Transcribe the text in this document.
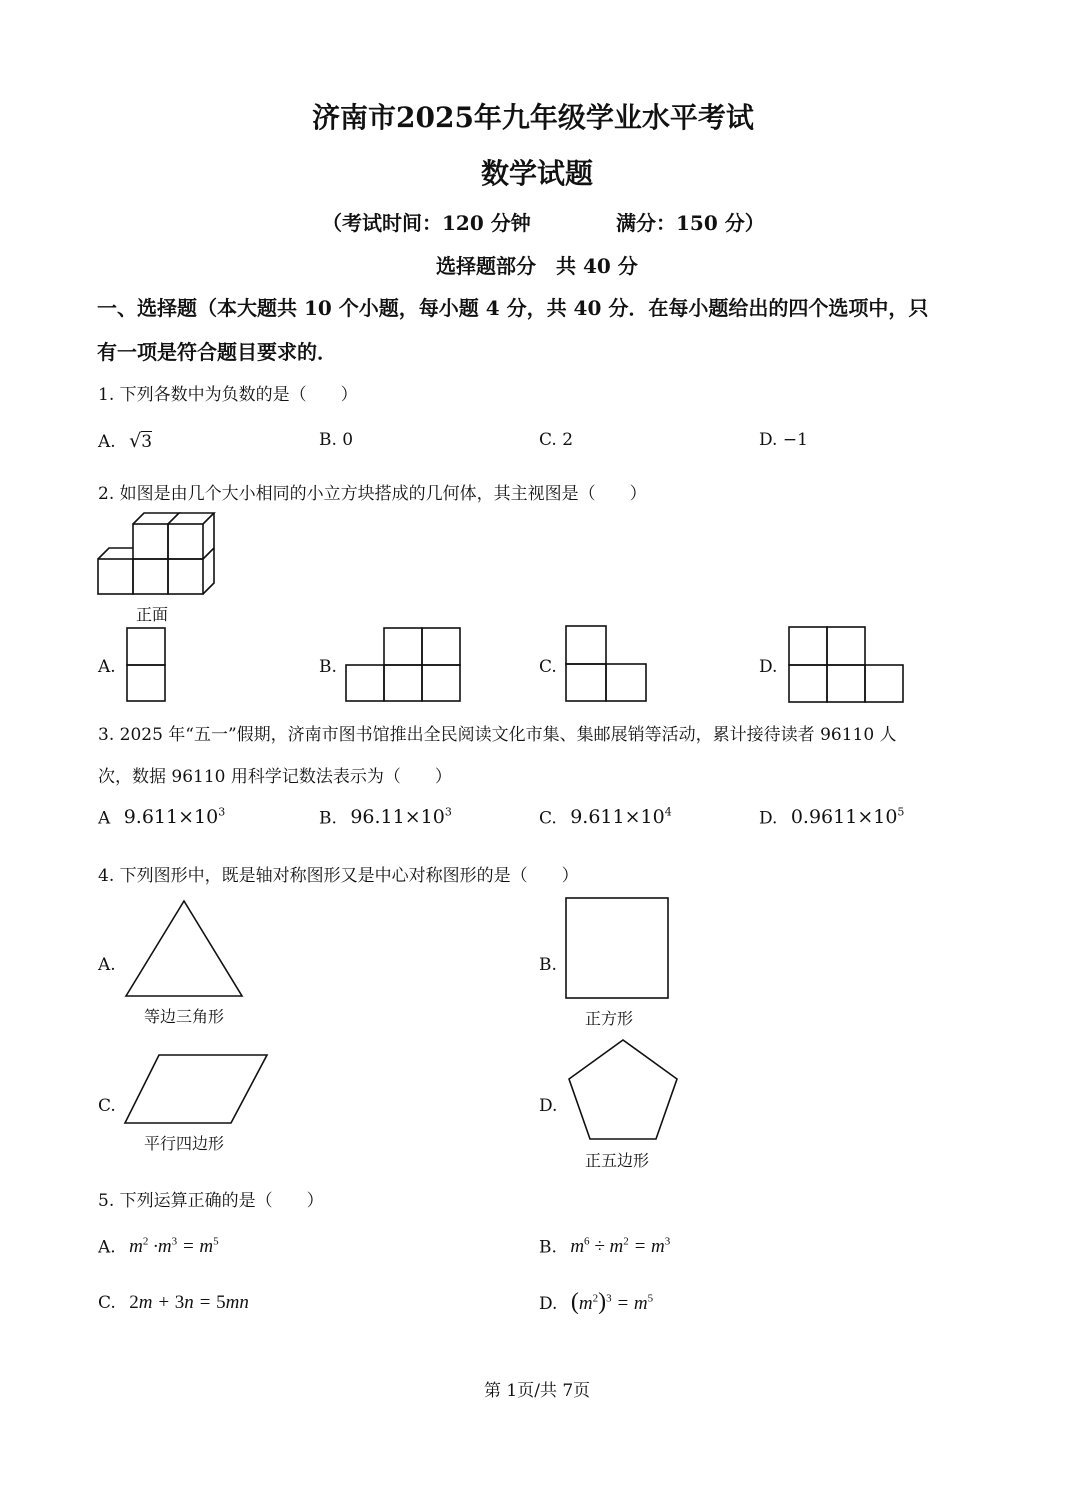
济南市2025年九年级学业水平考试
数学试题
（考试时间：120 分钟	满分：150 分）
选择题部分　共 40 分
一、选择题（本大题共 10 个小题，每小题 4 分，共 40 分．在每小题给出的四个选项中，只
有一项是符合题目要求的．
1. 下列各数中为负数的是（　　）
A. √3	B. 0	C. 2	D. −1
2. 如图是由几个大小相同的小立方块搭成的几何体，其主视图是（　　）
正面
A.	B.	C.	D.
3. 2025 年“五一”假期，济南市图书馆推出全民阅读文化市集、集邮展销等活动，累计接待读者 96110 人
次，数据 96110 用科学记数法表示为（　　）
A $9.611\times 10^3$	B. $96.11\times 10^3$	C. $9.611\times 10^4$	D. $0.9611\times 10^5$
4. 下列图形中，既是轴对称图形又是中心对称图形的是（　　）
A.
等边三角形
B.
正方形
C.
平行四边形
D.
正五边形
5. 下列运算正确的是（　　）
A. $m^2 \cdot m^3 = m^5$	B. $m^6 \div m^2 = m^3$
C. 2m + 3n = 5mn	D. $(m^2)^3 = m^5$
第 1页/共 7页
